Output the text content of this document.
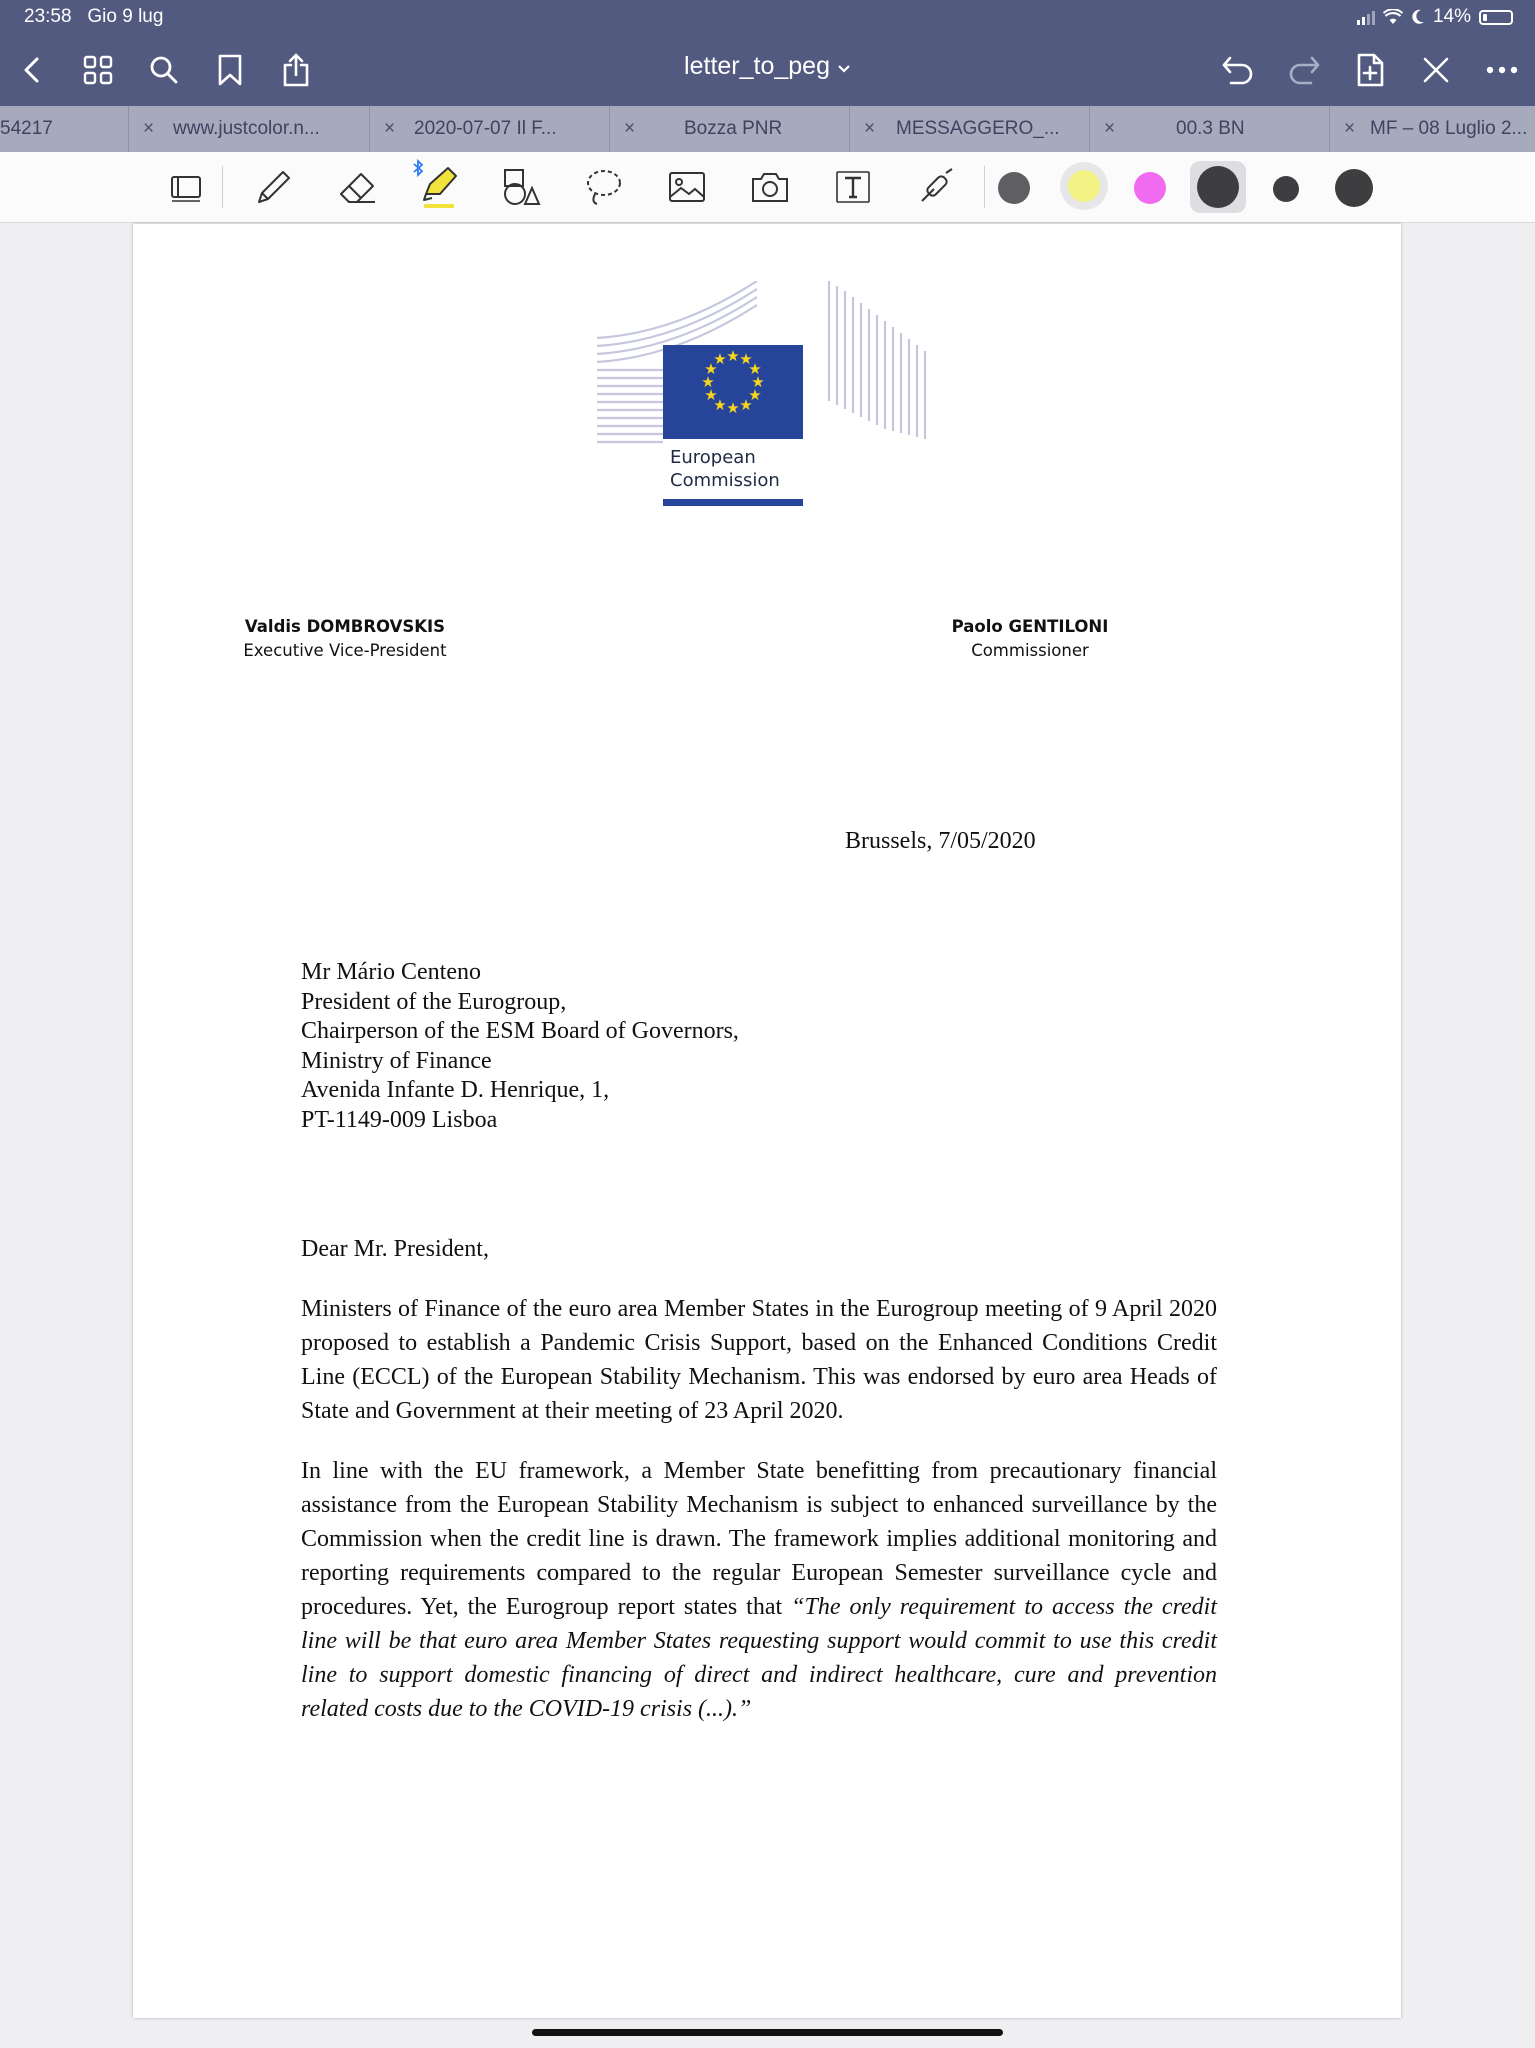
23:58 Gio 9 lug	14%
letter_to_peg
54217	× www.justcolor.n...	× 2020-07-07 Il F...	×	Bozza PNR	× MESSAGGERO_... ×	00.3 BN	× MF – 08 Luglio 2...
★ ★
★
★
★
★
★
★
★
★
★
★
European
Commission
Valdis DOMBROVSKIS
Executive Vice-President
Paolo GENTILONI
Commissioner
Brussels, 7/05/2020
Mr Mário Centeno
President of the Eurogroup,
Chairperson of the ESM Board of Governors,
Ministry of Finance
Avenida Infante D. Henrique, 1,
PT-1149-009 Lisboa
Dear Mr. President,
Ministers of Finance of the euro area Member States in the Eurogroup meeting of 9 April 2020 proposed to establish a Pandemic Crisis Support, based on the Enhanced Conditions Credit Line (ECCL) of the European Stability Mechanism. This was endorsed by euro area Heads of State and Government at their meeting of 23 April 2020.
In line with the EU framework, a Member State benefitting from precautionary financial assistance from the European Stability Mechanism is subject to enhanced surveillance by the Commission when the credit line is drawn. The framework implies additional monitoring and reporting requirements compared to the regular European Semester surveillance cycle and procedures. Yet, the Eurogroup report states that “The only requirement to access the credit line will be that euro area Member States requesting support would commit to use this credit line to support domestic financing of direct and indirect healthcare, cure and prevention related costs due to the COVID-19 crisis (...).”
